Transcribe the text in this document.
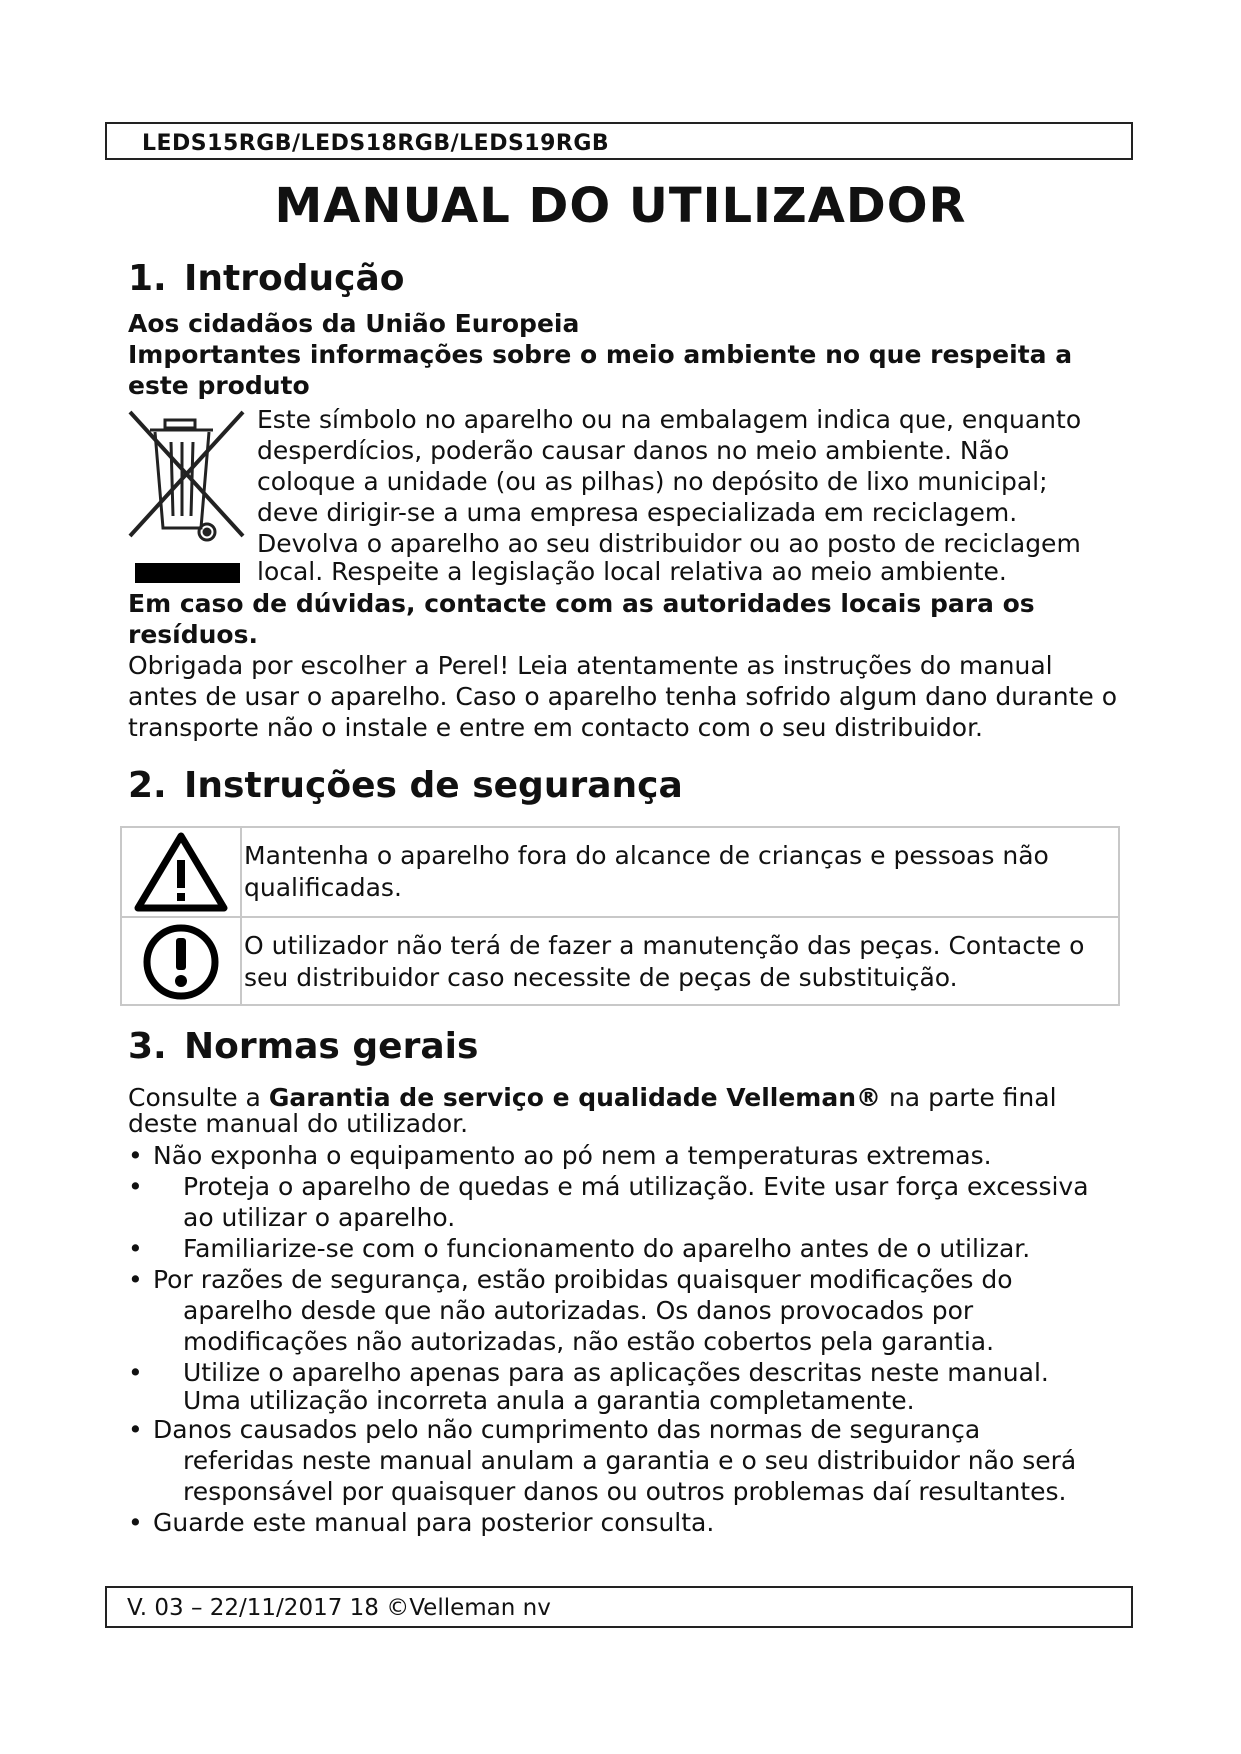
LEDS15RGB/LEDS18RGB/LEDS19RGB
MANUAL DO UTILIZADOR
1. Introdução
Aos cidadãos da União Europeia
Importantes informações sobre o meio ambiente no que respeita a
este produto
Este símbolo no aparelho ou na embalagem indica que, enquanto
desperdícios, poderão causar danos no meio ambiente. Não
coloque a unidade (ou as pilhas) no depósito de lixo municipal;
deve dirigir-se a uma empresa especializada em reciclagem.
Devolva o aparelho ao seu distribuidor ou ao posto de reciclagem
local. Respeite a legislação local relativa ao meio ambiente.
Em caso de dúvidas, contacte com as autoridades locais para os
resíduos.
Obrigada por escolher a Perel! Leia atentamente as instruções do manual
antes de usar o aparelho. Caso o aparelho tenha sofrido algum dano durante o
transporte não o instale e entre em contacto com o seu distribuidor.
2. Instruções de segurança
Mantenha o aparelho fora do alcance de crianças e pessoas não
qualificadas.
O utilizador não terá de fazer a manutenção das peças. Contacte o
seu distribuidor caso necessite de peças de substituição.
3. Normas gerais
Consulte a Garantia de serviço e qualidade Velleman® na parte final
deste manual do utilizador.
• Não exponha o equipamento ao pó nem a temperaturas extremas.
•	Proteja o aparelho de quedas e má utilização. Evite usar força excessiva
ao utilizar o aparelho.
•	Familiarize-se com o funcionamento do aparelho antes de o utilizar.
• Por razões de segurança, estão proibidas quaisquer modificações do
aparelho desde que não autorizadas. Os danos provocados por
modificações não autorizadas, não estão cobertos pela garantia.
•	Utilize o aparelho apenas para as aplicações descritas neste manual.
Uma utilização incorreta anula a garantia completamente.
• Danos causados pelo não cumprimento das normas de segurança
referidas neste manual anulam a garantia e o seu distribuidor não será
responsável por quaisquer danos ou outros problemas daí resultantes.
• Guarde este manual para posterior consulta.
V. 03 – 22/11/2017 18 ©Velleman nv
